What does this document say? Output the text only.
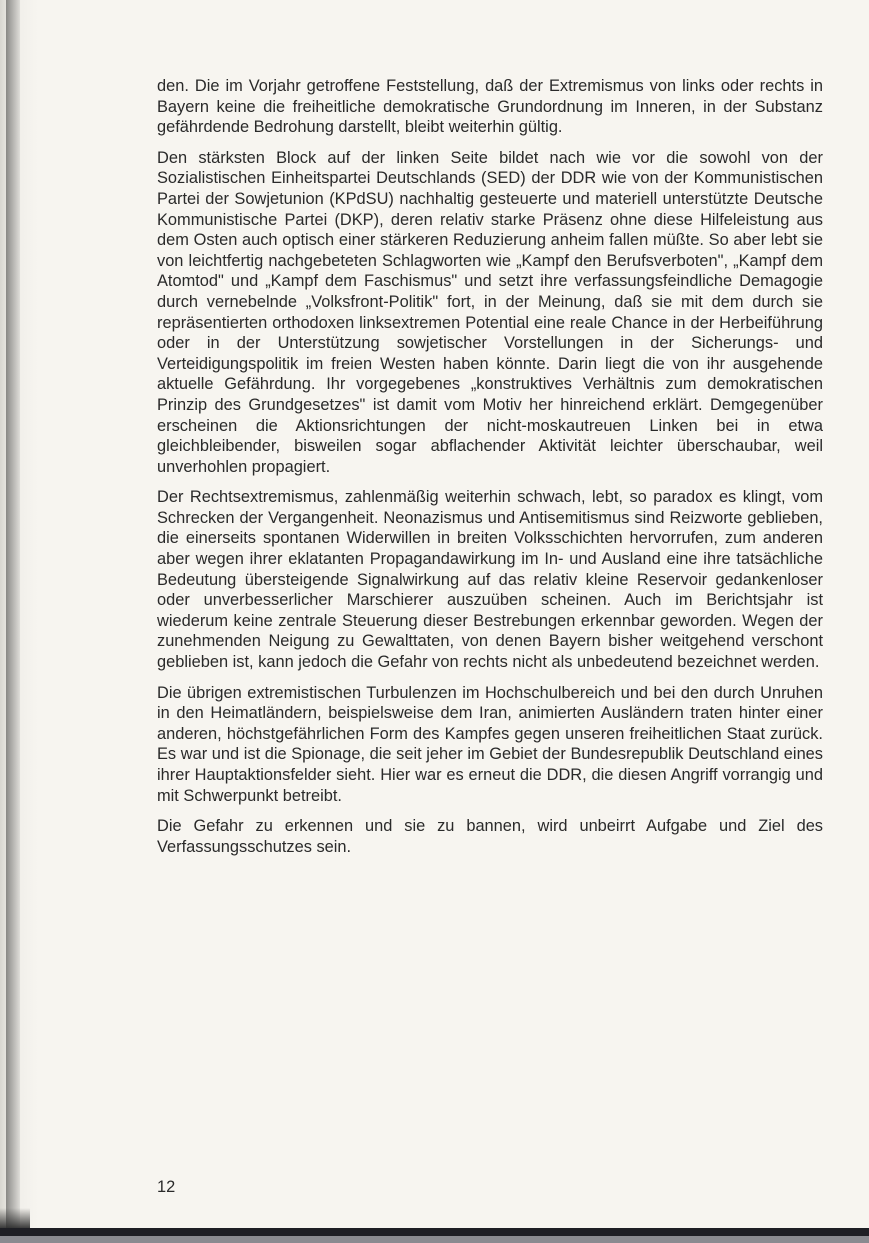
den. Die im Vorjahr getroffene Feststellung, daß der Extremismus von links oder rechts in Bayern keine die freiheitliche demokratische Grundordnung im Inneren, in der Substanz gefährdende Bedrohung darstellt, bleibt weiterhin gültig.

Den stärksten Block auf der linken Seite bildet nach wie vor die sowohl von der Sozialistischen Einheitspartei Deutschlands (SED) der DDR wie von der Kommunistischen Partei der Sowjetunion (KPdSU) nachhaltig gesteuerte und materiell unterstützte Deutsche Kommunistische Partei (DKP), deren relativ starke Präsenz ohne diese Hilfeleistung aus dem Osten auch optisch einer stärkeren Reduzierung anheim fallen müßte. So aber lebt sie von leichtfertig nachgebeteten Schlagworten wie „Kampf den Berufsverboten", „Kampf dem Atomtod" und „Kampf dem Faschismus" und setzt ihre verfassungsfeindliche Demagogie durch vernebelnde „Volksfront-Politik" fort, in der Meinung, daß sie mit dem durch sie repräsentierten orthodoxen linksextremen Potential eine reale Chance in der Herbeiführung oder in der Unterstützung sowjetischer Vorstellungen in der Sicherungs- und Verteidigungspolitik im freien Westen haben könnte. Darin liegt die von ihr ausgehende aktuelle Gefährdung. Ihr vorgegebenes „konstruktives Verhältnis zum demokratischen Prinzip des Grundgesetzes" ist damit vom Motiv her hinreichend erklärt. Demgegenüber erscheinen die Aktionsrichtungen der nicht-moskautreuen Linken bei in etwa gleichbleibender, bisweilen sogar abflachender Aktivität leichter überschaubar, weil unverhohlen propagiert.

Der Rechtsextremismus, zahlenmäßig weiterhin schwach, lebt, so paradox es klingt, vom Schrecken der Vergangenheit. Neonazismus und Antisemitismus sind Reizworte geblieben, die einerseits spontanen Widerwillen in breiten Volksschichten hervorrufen, zum anderen aber wegen ihrer eklatanten Propagandawirkung im In- und Ausland eine ihre tatsächliche Bedeutung übersteigende Signalwirkung auf das relativ kleine Reservoir gedankenloser oder unverbesserlicher Marschierer auszuüben scheinen. Auch im Berichtsjahr ist wiederum keine zentrale Steuerung dieser Bestrebungen erkennbar geworden. Wegen der zunehmenden Neigung zu Gewalttaten, von denen Bayern bisher weitgehend verschont geblieben ist, kann jedoch die Gefahr von rechts nicht als unbedeutend bezeichnet werden.

Die übrigen extremistischen Turbulenzen im Hochschulbereich und bei den durch Unruhen in den Heimatländern, beispielsweise dem Iran, animierten Ausländern traten hinter einer anderen, höchstgefährlichen Form des Kampfes gegen unseren freiheitlichen Staat zurück. Es war und ist die Spionage, die seit jeher im Gebiet der Bundesrepublik Deutschland eines ihrer Hauptaktionsfelder sieht. Hier war es erneut die DDR, die diesen Angriff vorrangig und mit Schwerpunkt betreibt.

Die Gefahr zu erkennen und sie zu bannen, wird unbeirrt Aufgabe und Ziel des Verfassungsschutzes sein.

12
